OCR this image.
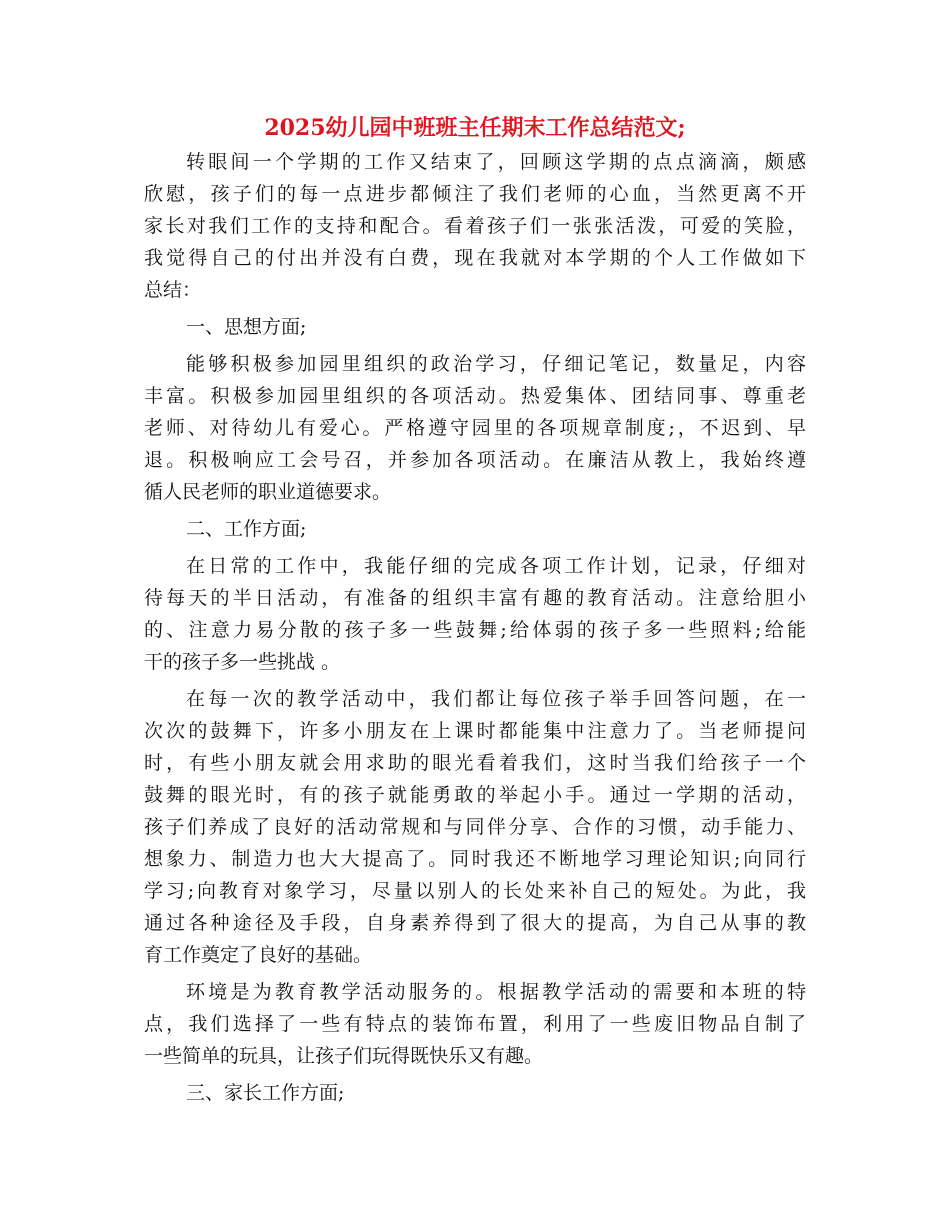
2025幼儿园中班班主任期末工作总结范文;
转眼间一个学期的工作又结束了，回顾这学期的点点滴滴，颇感
欣慰，孩子们的每一点进步都倾注了我们老师的心血，当然更离不开
家长对我们工作的支持和配合。看着孩子们一张张活泼，可爱的笑脸，
我觉得自己的付出并没有白费，现在我就对本学期的个人工作做如下
总结：
一、思想方面;
能够积极参加园里组织的政治学习，仔细记笔记，数量足，内容
丰富。积极参加园里组织的各项活动。热爱集体、团结同事、尊重老
老师、对待幼儿有爱心。严格遵守园里的各项规章制度;，不迟到、早
退。积极响应工会号召，并参加各项活动。在廉洁从教上，我始终遵
循人民老师的职业道德要求。
二、工作方面;
在日常的工作中，我能仔细的完成各项工作计划，记录，仔细对
待每天的半日活动，有准备的组织丰富有趣的教育活动。注意给胆小
的、注意力易分散的孩子多一些鼓舞;给体弱的孩子多一些照料;给能
干的孩子多一些挑战 。
在每一次的教学活动中，我们都让每位孩子举手回答问题，在一
次次的鼓舞下，许多小朋友在上课时都能集中注意力了。当老师提问
时，有些小朋友就会用求助的眼光看着我们，这时当我们给孩子一个
鼓舞的眼光时，有的孩子就能勇敢的举起小手。通过一学期的活动，
孩子们养成了良好的活动常规和与同伴分享、合作的习惯，动手能力、
想象力、制造力也大大提高了。同时我还不断地学习理论知识;向同行
学习;向教育对象学习，尽量以别人的长处来补自己的短处。为此，我
通过各种途径及手段，自身素养得到了很大的提高，为自己从事的教
育工作奠定了良好的基础。
环境是为教育教学活动服务的。根据教学活动的需要和本班的特
点，我们选择了一些有特点的装饰布置，利用了一些废旧物品自制了
一些简单的玩具，让孩子们玩得既快乐又有趣。
三、家长工作方面;
